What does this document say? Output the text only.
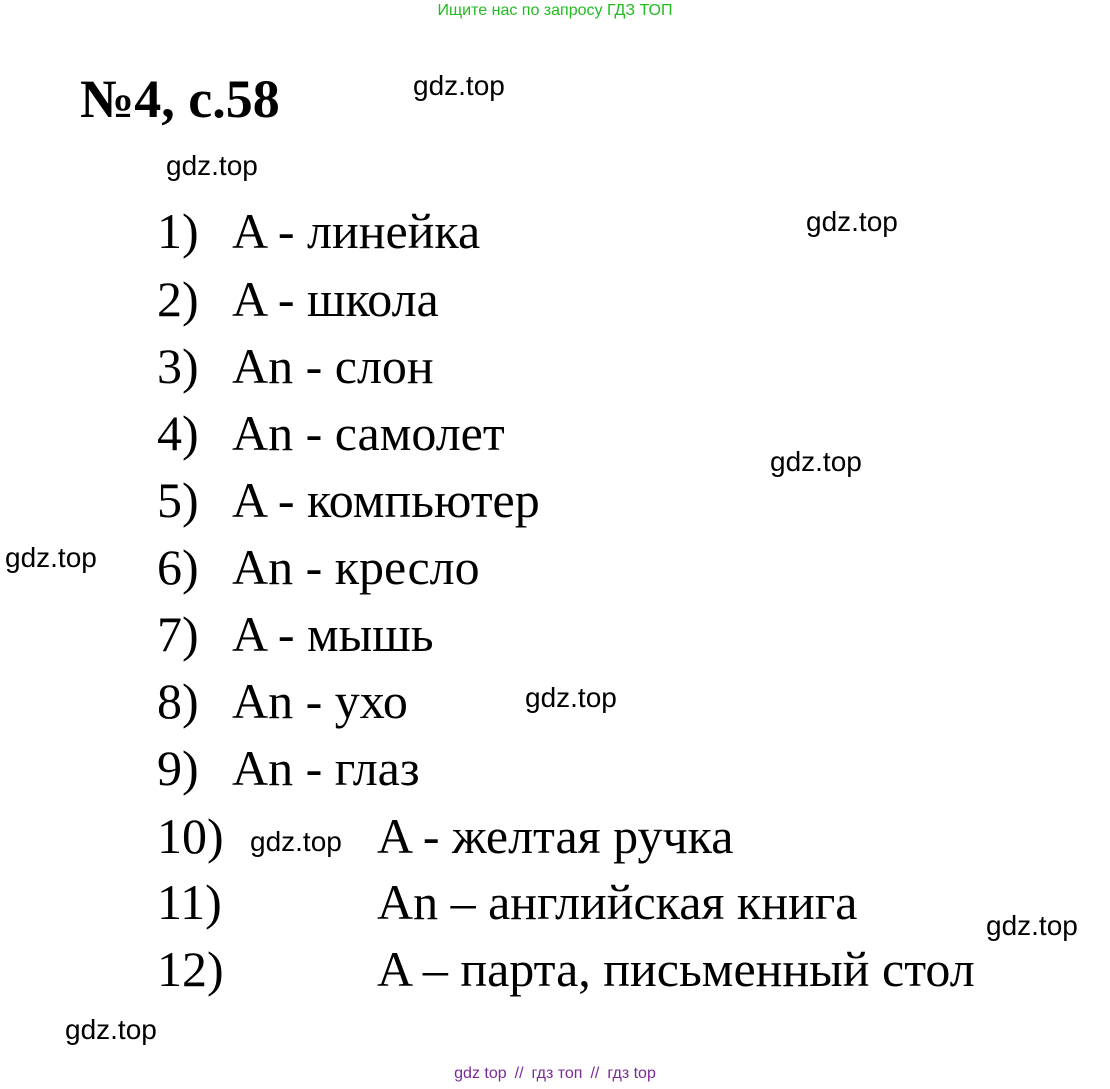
Ищите нас по запросу ГДЗ ТОП
№4, с.58	gdz.top
gdz.top
gdz.top
gdz.top
gdz.top
gdz.top
gdz.top
gdz.top
gdz.top
1) A - линейка
2) A - школа
3) An - слон
4) An - самолет
5) A - компьютер
6) An - кресло
7) A - мышь
8) An - ухо
9) An - глаз
10)	A - желтая ручка
11)	An – английская книга
12)	A – парта, письменный стол
gdz top // гдз топ // гдз top
